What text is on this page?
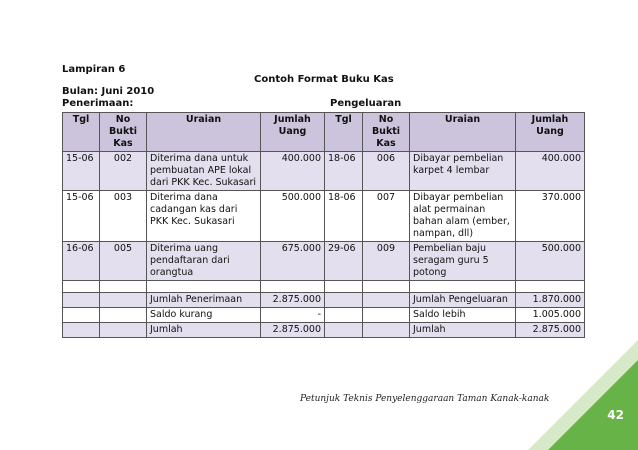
Lampiran 6
Contoh Format Buku Kas
Bulan: Juni 2010
Penerimaan:	Pengeluaran
Tgl	No Bukti Kas	Uraian	Jumlah Uang	Tgl	No Bukti Kas	Uraian	Jumlah Uang
15-06	002	Diterima dana untuk pembuatan APE lokal dari PKK Kec. Sukasari	400.000	18-06	006	Dibayar pembelian karpet 4 lembar	400.000
15-06	003	Diterima dana cadangan kas dari PKK Kec. Sukasari	500.000	18-06	007	Dibayar pembelian alat permainan bahan alam (ember, nampan, dll)	370.000
16-06	005	Diterima uang pendaftaran dari orangtua	675.000	29-06	009	Pembelian baju seragam guru 5 potong	500.000

		Jumlah Penerimaan	2.875.000			Jumlah Pengeluaran	1.870.000
		Saldo kurang	-			Saldo lebih	1.005.000
		Jumlah	2.875.000			Jumlah	2.875.000
Petunjuk Teknis Penyelenggaraan Taman Kanak-kanak
42
